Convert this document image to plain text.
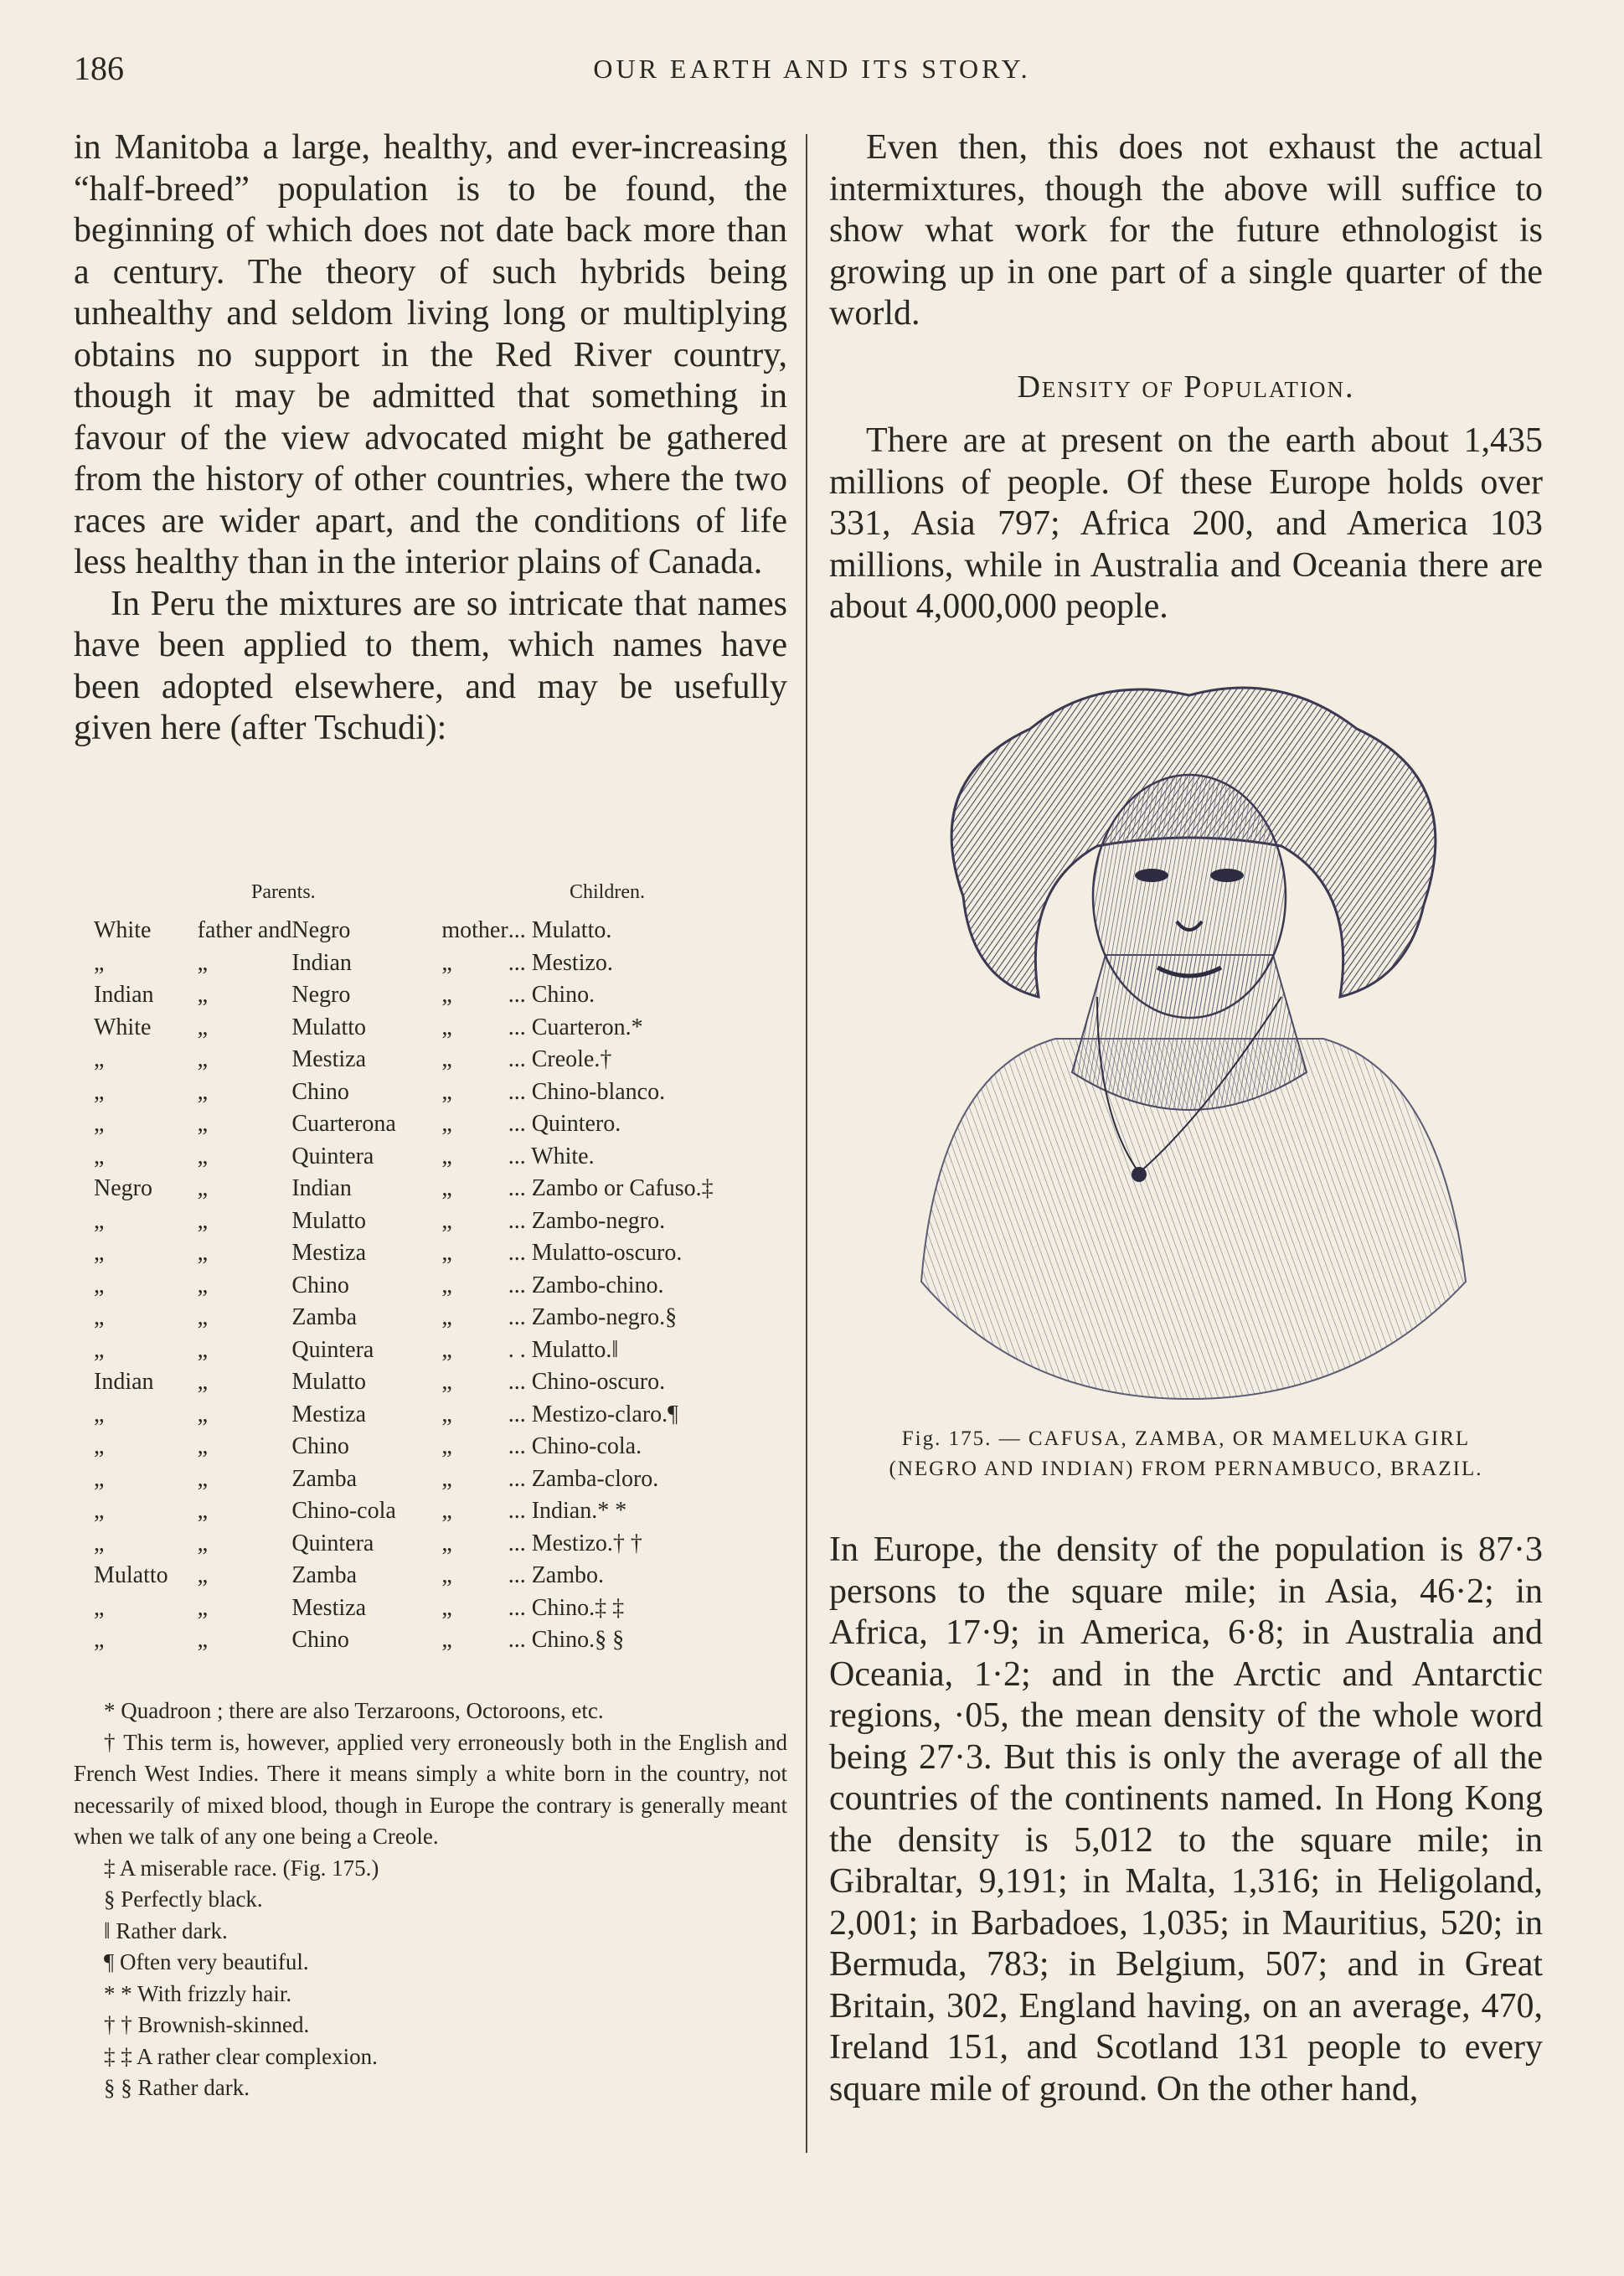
186	OUR EARTH AND ITS STORY.

in Manitoba a large, healthy, and ever-increasing “half-breed” population is to be found, the beginning of which does not date back more than a century. The theory of such hybrids being unhealthy and seldom living long or multiplying obtains no support in the Red River country, though it may be admitted that something in favour of the view advocated might be gathered from the history of other countries, where the two races are wider apart, and the conditions of life less healthy than in the interior plains of Canada.

In Peru the mixtures are so intricate that names have been applied to them, which names have been adopted elsewhere, and may be usefully given here (after Tschudi):

Parents.	Children.
White	father and	Negro	mother	... Mulatto.
„	„	Indian	„	... Mestizo.
Indian	„	Negro	„	... Chino.
White	„	Mulatto	„	... Cuarteron.*
„	„	Mestiza	„	... Creole.†
„	„	Chino	„	... Chino-blanco.
„	„	Cuarterona	„	... Quintero.
„	„	Quintera	„	... White.
Negro	„	Indian	„	... Zambo or Cafuso.‡
„	„	Mulatto	„	... Zambo-negro.
„	„	Mestiza	„	... Mulatto-oscuro.
„	„	Chino	„	... Zambo-chino.
„	„	Zamba	„	... Zambo-negro.§
„	„	Quintera	„	. . Mulatto.‖
Indian	„	Mulatto	„	... Chino-oscuro.
„	„	Mestiza	„	... Mestizo-claro.¶
„	„	Chino	„	... Chino-cola.
„	„	Zamba	„	... Zamba-cloro.
„	„	Chino-cola	„	... Indian.* *
„	„	Quintera	„	... Mestizo.† †
Mulatto	„	Zamba	„	... Zambo.
„	„	Mestiza	„	... Chino.‡ ‡
„	„	Chino	„	... Chino.§ §

* Quadroon ; there are also Terzaroons, Octoroons, etc.

† This term is, however, applied very erroneously both in the English and French West Indies. There it means simply a white born in the country, not necessarily of mixed blood, though in Europe the contrary is generally meant when we talk of any one being a Creole.

‡ A miserable race. (Fig. 175.)

§ Perfectly black.

‖ Rather dark.

¶ Often very beautiful.

* * With frizzly hair.

† † Brownish-skinned.

‡ ‡ A rather clear complexion.

§ § Rather dark.

Even then, this does not exhaust the actual intermixtures, though the above will suffice to show what work for the future ethnologist is growing up in one part of a single quarter of the world.

Density of Population.

There are at present on the earth about 1,435 millions of people. Of these Europe holds over 331, Asia 797; Africa 200, and America 103 millions, while in Australia and Oceania there are about 4,000,000 people.

Fig. 175. — CAFUSA, ZAMBA, OR MAMELUKA GIRL
(NEGRO AND INDIAN) FROM PERNAMBUCO, BRAZIL.

In Europe, the density of the population is 87·3 persons to the square mile; in Asia, 46·2; in Africa, 17·9; in America, 6·8; in Australia and Oceania, 1·2; and in the Arctic and Antarctic regions, ·05, the mean density of the whole word being 27·3. But this is only the average of all the countries of the continents named. In Hong Kong the density is 5,012 to the square mile; in Gibraltar, 9,191; in Malta, 1,316; in Heligoland, 2,001; in Barbadoes, 1,035; in Mauritius, 520; in Bermuda, 783; in Belgium, 507; and in Great Britain, 302, England having, on an average, 470, Ireland 151, and Scotland 131 people to every square mile of ground. On the other hand,
